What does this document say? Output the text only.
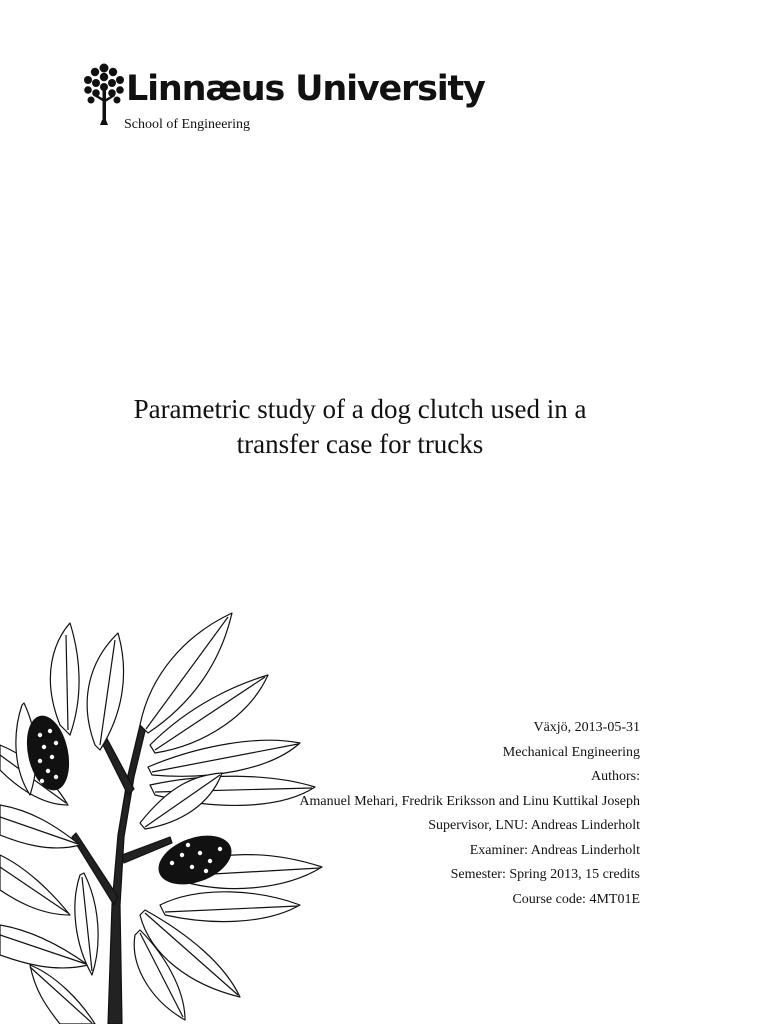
Linnæus University
School of Engineering
Parametric study of a dog clutch used in a
transfer case for trucks
Växjö, 2013-05-31
Mechanical Engineering
Authors:
Amanuel Mehari, Fredrik Eriksson and Linu Kuttikal Joseph
Supervisor, LNU: Andreas Linderholt
Examiner: Andreas Linderholt
Semester: Spring 2013, 15 credits
Course code: 4MT01E
